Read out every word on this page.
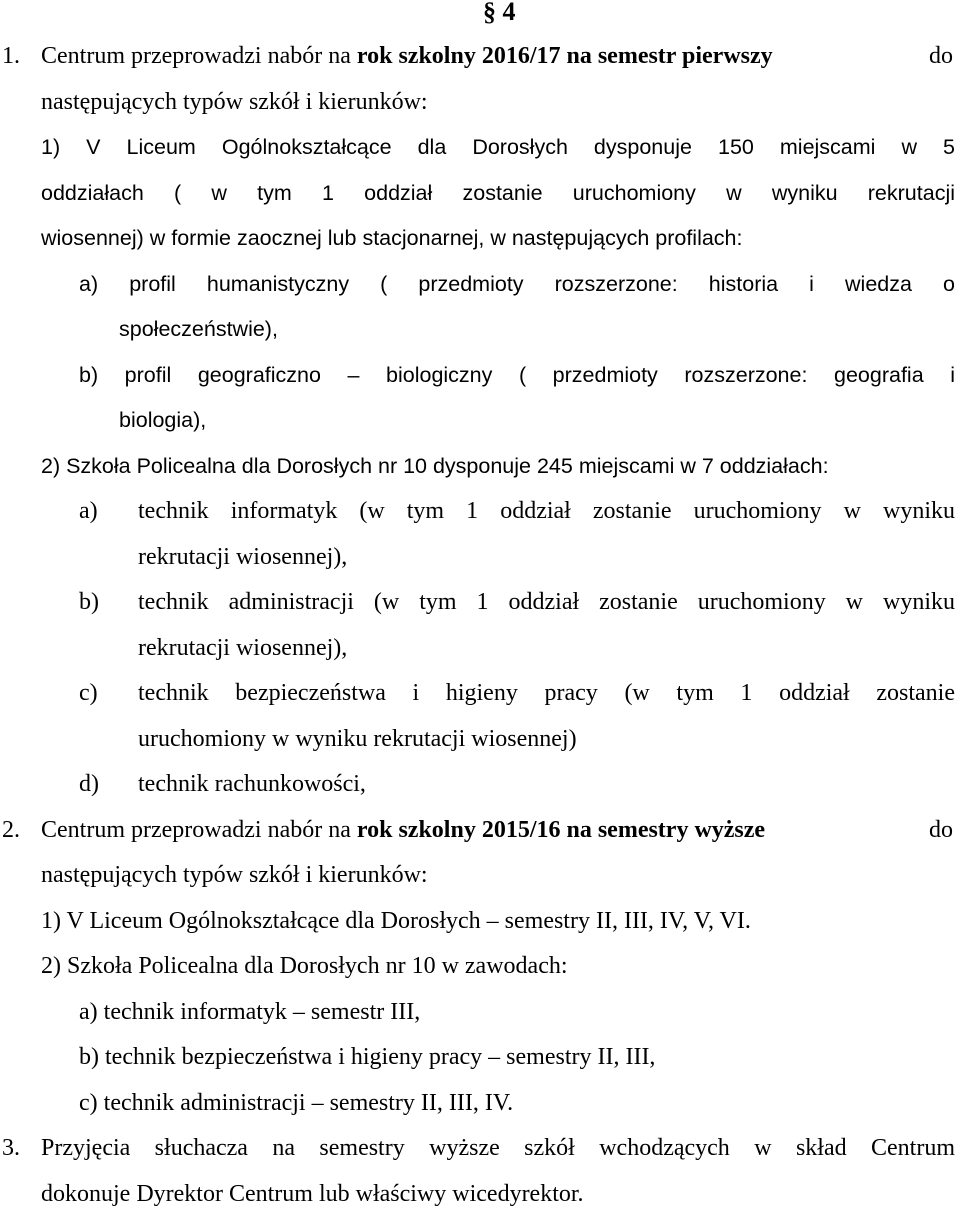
§ 4
1. Centrum przeprowadzi nabór na rok szkolny 2016/17 na semestr pierwszy	do
następujących typów szkół i kierunków:
1) V Liceum Ogólnokształcące dla Dorosłych dysponuje 150 miejscami w 5
oddziałach ( w tym 1 oddział zostanie uruchomiony w wyniku rekrutacji
wiosennej) w formie zaocznej lub stacjonarnej, w następujących profilach:
a) profil humanistyczny ( przedmioty rozszerzone: historia i wiedza o
społeczeństwie),
b) profil geograficzno – biologiczny ( przedmioty rozszerzone: geografia i
biologia),
2) Szkoła Policealna dla Dorosłych nr 10 dysponuje 245 miejscami w 7 oddziałach:
a) technik informatyk (w tym 1 oddział zostanie uruchomiony w wyniku
rekrutacji wiosennej),
b) technik administracji (w tym 1 oddział zostanie uruchomiony w wyniku
rekrutacji wiosennej),
c) technik bezpieczeństwa i higieny pracy (w tym 1 oddział zostanie
uruchomiony w wyniku rekrutacji wiosennej)
d) technik rachunkowości,
2. Centrum przeprowadzi nabór na rok szkolny 2015/16 na semestry wyższe	do
następujących typów szkół i kierunków:
1) V Liceum Ogólnokształcące dla Dorosłych – semestry II, III, IV, V, VI.
2) Szkoła Policealna dla Dorosłych nr 10 w zawodach:
a) technik informatyk – semestr III,
b) technik bezpieczeństwa i higieny pracy – semestry II, III,
c) technik administracji – semestry II, III, IV.
3. Przyjęcia słuchacza na semestry wyższe szkół wchodzących w skład Centrum
dokonuje Dyrektor Centrum lub właściwy wicedyrektor.
